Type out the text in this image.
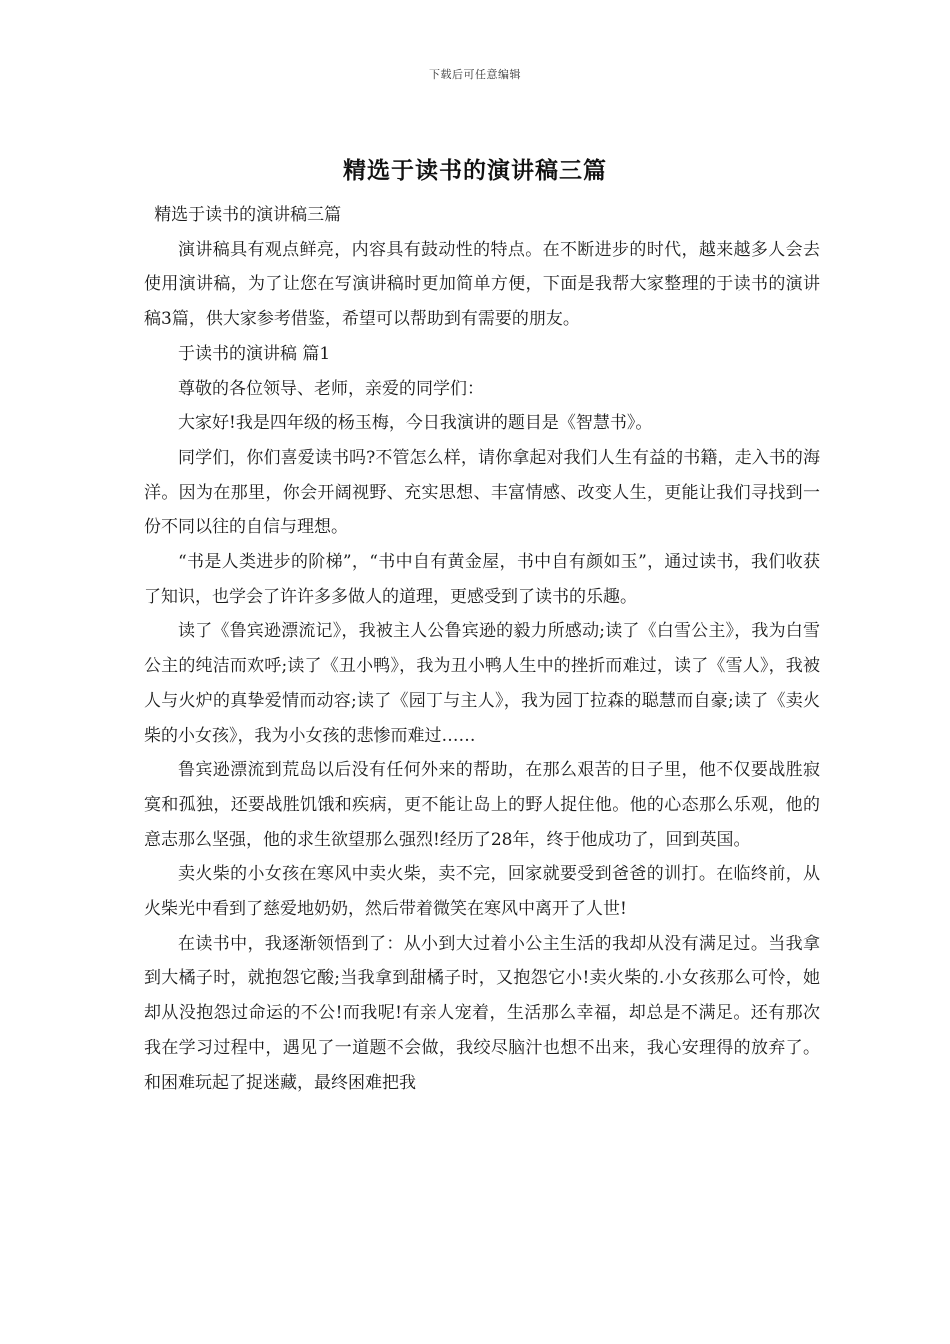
下载后可任意编辑
精选于读书的演讲稿三篇

精选于读书的演讲稿三篇

演讲稿具有观点鲜亮，内容具有鼓动性的特点。在不断进步的时代，越来越多人会去使用演讲稿，为了让您在写演讲稿时更加简单方便，下面是我帮大家整理的于读书的演讲稿3篇，供大家参考借鉴，希望可以帮助到有需要的朋友。

于读书的演讲稿 篇1

尊敬的各位领导、老师，亲爱的同学们：

大家好!我是四年级的杨玉梅，今日我演讲的题目是《智慧书》。

同学们，你们喜爱读书吗?不管怎么样，请你拿起对我们人生有益的书籍，走入书的海洋。因为在那里，你会开阔视野、充实思想、丰富情感、改变人生，更能让我们寻找到一份不同以往的自信与理想。

“书是人类进步的阶梯”，“书中自有黄金屋，书中自有颜如玉”，通过读书，我们收获了知识，也学会了许许多多做人的道理，更感受到了读书的乐趣。

读了《鲁宾逊漂流记》，我被主人公鲁宾逊的毅力所感动;读了《白雪公主》，我为白雪公主的纯洁而欢呼;读了《丑小鸭》，我为丑小鸭人生中的挫折而难过，读了《雪人》，我被人与火炉的真挚爱情而动容;读了《园丁与主人》，我为园丁拉森的聪慧而自豪;读了《卖火柴的小女孩》，我为小女孩的悲惨而难过……

鲁宾逊漂流到荒岛以后没有任何外来的帮助，在那么艰苦的日子里，他不仅要战胜寂寞和孤独，还要战胜饥饿和疾病，更不能让岛上的野人捉住他。他的心态那么乐观，他的意志那么坚强，他的求生欲望那么强烈!经历了28年，终于他成功了，回到英国。

卖火柴的小女孩在寒风中卖火柴，卖不完，回家就要受到爸爸的训打。在临终前，从火柴光中看到了慈爱地奶奶，然后带着微笑在寒风中离开了人世!

在读书中，我逐渐领悟到了：从小到大过着小公主生活的我却从没有满足过。当我拿到大橘子时，就抱怨它酸;当我拿到甜橘子时，又抱怨它小!卖火柴的.小女孩那么可怜，她却从没抱怨过命运的不公!而我呢!有亲人宠着，生活那么幸福，却总是不满足。还有那次我在学习过程中，遇见了一道题不会做，我绞尽脑汁也想不出来，我心安理得的放弃了。和困难玩起了捉迷藏，最终困难把我
